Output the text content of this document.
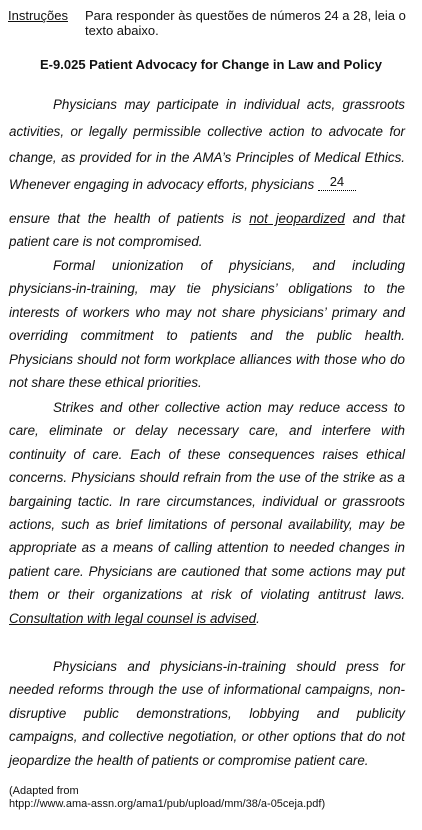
Instruções Para responder às questões de números 24 a 28, leia o texto abaixo.
E-9.025 Patient Advocacy for Change in Law and Policy

Physicians may participate in individual acts, grassroots activities, or legally permissible collective action to advocate for change, as provided for in the AMA’s Principles of Medical Ethics. Whenever engaging in advocacy efforts, physicians 24

ensure that the health of patients is not jeopardized and that patient care is not compromised.

Formal unionization of physicians, and including physicians-in-training, may tie physicians’ obligations to the interests of workers who may not share physicians’ primary and overriding commitment to patients and the public health. Physicians should not form workplace alliances with those who do not share these ethical priorities.

Strikes and other collective action may reduce access to care, eliminate or delay necessary care, and interfere with continuity of care. Each of these consequences raises ethical concerns. Physicians should refrain from the use of the strike as a bargaining tactic. In rare circumstances, individual or grassroots actions, such as brief limitations of personal availability, may be appropriate as a means of calling attention to needed changes in patient care. Physicians are cautioned that some actions may put them or their organizations at risk of violating antitrust laws. Consultation with legal counsel is advised.

Physicians and physicians-in-training should press for needed reforms through the use of informational campaigns, non-disruptive public demonstrations, lobbying and publicity campaigns, and collective negotiation, or other options that do not jeopardize the health of patients or compromise patient care.

(Adapted from
htpp://www.ama-assn.org/ama1/pub/upload/mm/38/a-05ceja.pdf)
